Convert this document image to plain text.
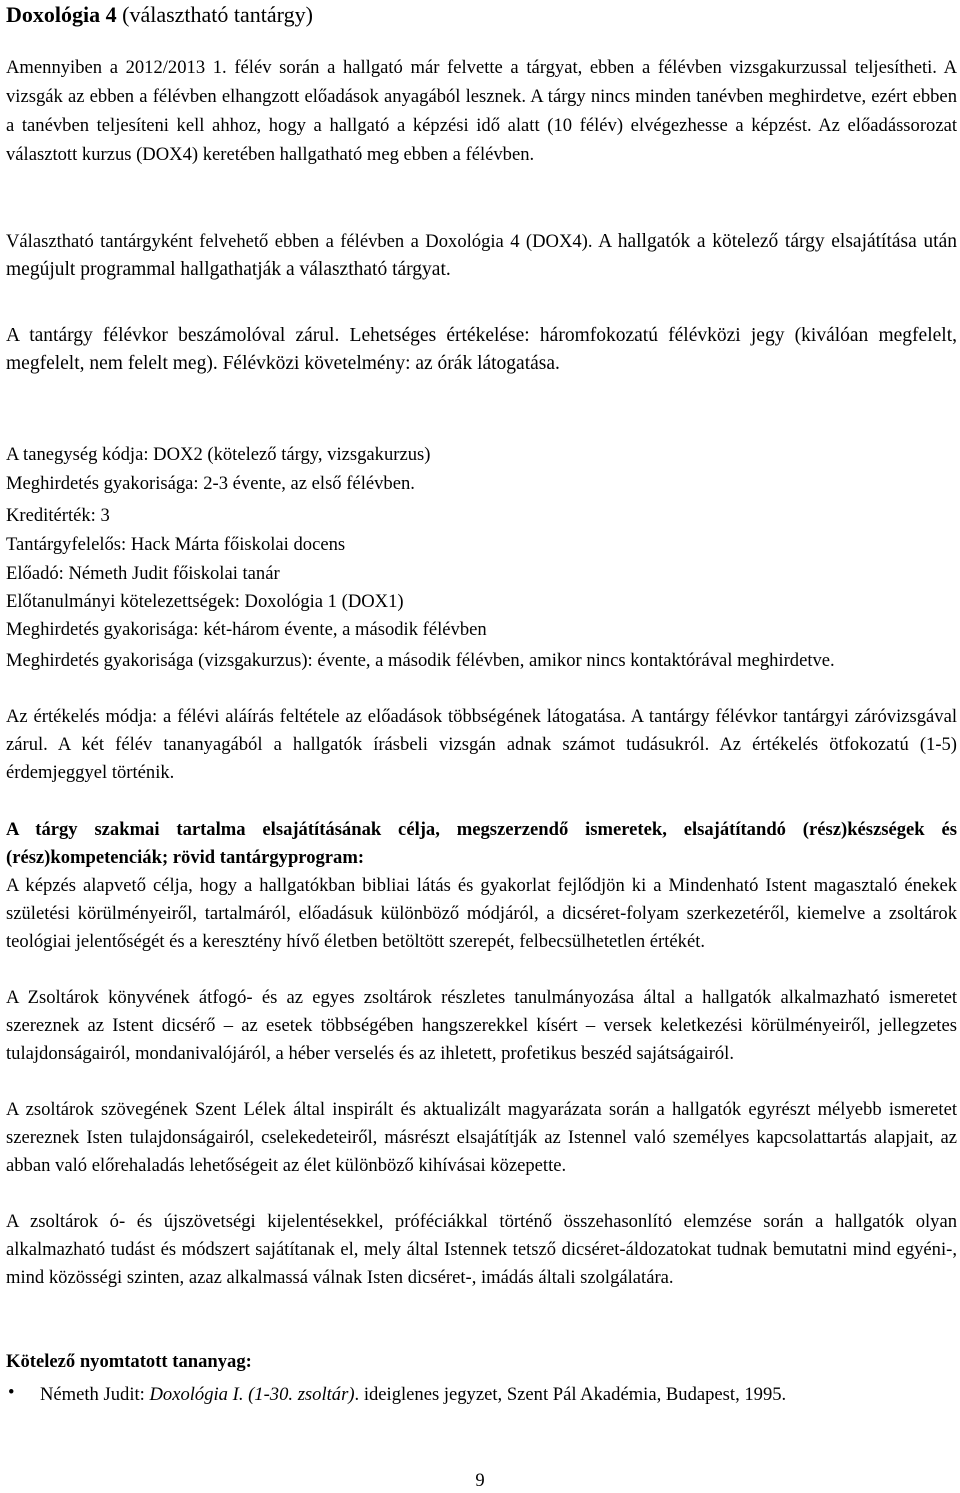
Doxológia 4 (választható tantárgy)

Amennyiben a 2012/2013 1. félév során a hallgató már felvette a tárgyat, ebben a félévben vizsgakurzussal teljesítheti. A vizsgák az ebben a félévben elhangzott előadások anyagából lesznek. A tárgy nincs minden tanévben meghirdetve, ezért ebben a tanévben teljesíteni kell ahhoz, hogy a hallgató a képzési idő alatt (10 félév) elvégezhesse a képzést. Az előadássorozat választott kurzus (DOX4) keretében hallgatható meg ebben a félévben.

Választható tantárgyként felvehető ebben a félévben a Doxológia 4 (DOX4). A hallgatók a kötelező tárgy elsajátítása után megújult programmal hallgathatják a választható tárgyat.

A tantárgy félévkor beszámolóval zárul. Lehetséges értékelése: háromfokozatú félévközi jegy (kiválóan megfelelt, megfelelt, nem felelt meg). Félévközi követelmény: az órák látogatása.

A tanegység kódja: DOX2 (kötelező tárgy, vizsgakurzus)
Meghirdetés gyakorisága: 2-3 évente, az első félévben.
Kreditérték: 3
Tantárgyfelelős: Hack Márta főiskolai docens
Előadó: Németh Judit főiskolai tanár
Előtanulmányi kötelezettségek: Doxológia 1 (DOX1)
Meghirdetés gyakorisága: két-három évente, a második félévben

Meghirdetés gyakorisága (vizsgakurzus): évente, a második félévben, amikor nincs kontaktórával meghirdetve.

Az értékelés módja: a félévi aláírás feltétele az előadások többségének látogatása. A tantárgy félévkor tantárgyi záróvizsgával zárul. A két félév tananyagából a hallgatók írásbeli vizsgán adnak számot tudásukról. Az értékelés ötfokozatú (1-5) érdemjeggyel történik.

A tárgy szakmai tartalma elsajátításának célja, megszerzendő ismeretek, elsajátítandó (rész)készségek és (rész)kompetenciák; rövid tantárgyprogram:

A képzés alapvető célja, hogy a hallgatókban bibliai látás és gyakorlat fejlődjön ki a Mindenható Istent magasztaló énekek születési körülményeiről, tartalmáról, előadásuk különböző módjáról, a dicséret-folyam szerkezetéről, kiemelve a zsoltárok teológiai jelentőségét és a keresztény hívő életben betöltött szerepét, felbecsülhetetlen értékét.

A Zsoltárok könyvének átfogó- és az egyes zsoltárok részletes tanulmányozása által a hallgatók alkalmazható ismeretet szereznek az Istent dicsérő – az esetek többségében hangszerekkel kísért – versek keletkezési körülményeiről, jellegzetes tulajdonságairól, mondanivalójáról, a héber verselés és az ihletett, profetikus beszéd sajátságairól.

A zsoltárok szövegének Szent Lélek által inspirált és aktualizált magyarázata során a hallgatók egyrészt mélyebb ismeretet szereznek Isten tulajdonságairól, cselekedeteiről, másrészt elsajátítják az Istennel való személyes kapcsolattartás alapjait, az abban való előrehaladás lehetőségeit az élet különböző kihívásai közepette.

A zsoltárok ó- és újszövetségi kijelentésekkel, próféciákkal történő összehasonlító elemzése során a hallgatók olyan alkalmazható tudást és módszert sajátítanak el, mely által Istennek tetsző dicséret-áldozatokat tudnak bemutatni mind egyéni-, mind közösségi szinten, azaz alkalmassá válnak Isten dicséret-, imádás általi szolgálatára.

Kötelező nyomtatott tananyag:
• Németh Judit: Doxológia I. (1-30. zsoltár). ideiglenes jegyzet, Szent Pál Akadémia, Budapest, 1995.
9
